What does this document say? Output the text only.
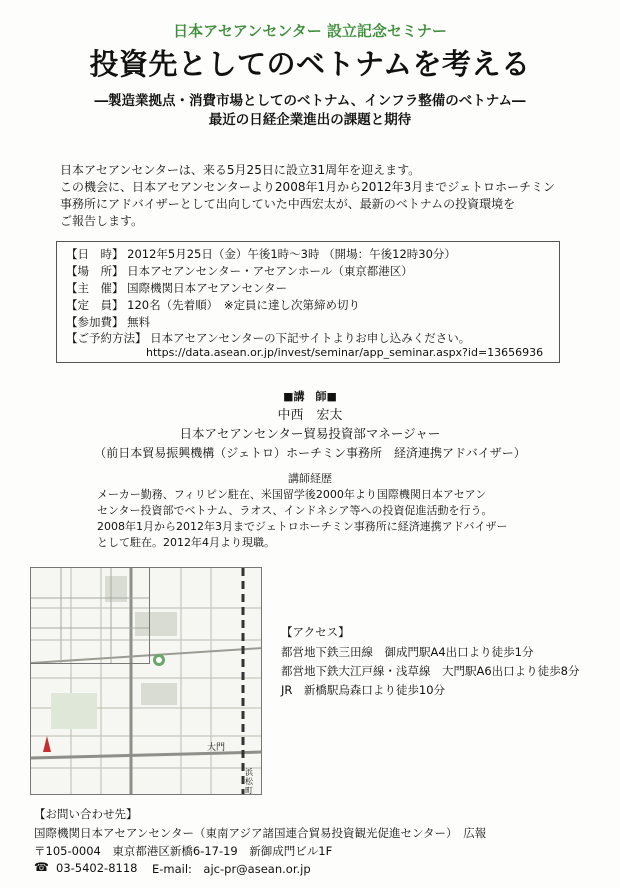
日本アセアンセンター 設立記念セミナー
投資先としてのベトナムを考える
―製造業拠点・消費市場としてのベトナム、インフラ整備のベトナム―
最近の日経企業進出の課題と期待
日本アセアンセンターは、来る5月25日に設立31周年を迎えます。
この機会に、日本アセアンセンターより2008年1月から2012年3月までジェトロホーチミン
事務所にアドバイザーとして出向していた中西宏太が、最新のベトナムの投資環境を
ご報告します。
【日　時】 2012年5月25日（金）午後1時～3時 （開場：午後12時30分）
【場　所】 日本アセアンセンター・アセアンホール（東京都港区）
【主　催】 国際機関日本アセアンセンター
【定　員】 120名（先着順）　※定員に達し次第締め切り
【参加費】 無料
【ご予約方法】 日本アセアンセンターの下記サイトよりお申し込みください。
https://data.asean.or.jp/invest/seminar/app_seminar.aspx?id=13656936
■講　師■
中西　宏太
日本アセアンセンター貿易投資部マネージャー
（前日本貿易振興機構（ジェトロ）ホーチミン事務所　経済連携アドバイザー）
講師経歴
メーカー勤務、フィリピン駐在、米国留学後2000年より国際機関日本アセアン
センター投資部でベトナム、ラオス、インドネシア等への投資促進活動を行う。
2008年1月から2012年3月までジェトロホーチミン事務所に経済連携アドバイザー
として駐在。2012年4月より現職。
大門
浜松町
【アクセス】
都営地下鉄三田線　御成門駅A4出口より徒歩1分
都営地下鉄大江戸線・浅草線　大門駅A6出口より徒歩8分
JR　新橋駅烏森口より徒歩10分
【お問い合わせ先】
国際機関日本アセアンセンター（東南アジア諸国連合貿易投資観光促進センター）　広報
〒105-0004　東京都港区新橋6-17-19　新御成門ビル1F
☎ 03-5402-8118 E-mail:　ajc-pr@asean.or.jp
